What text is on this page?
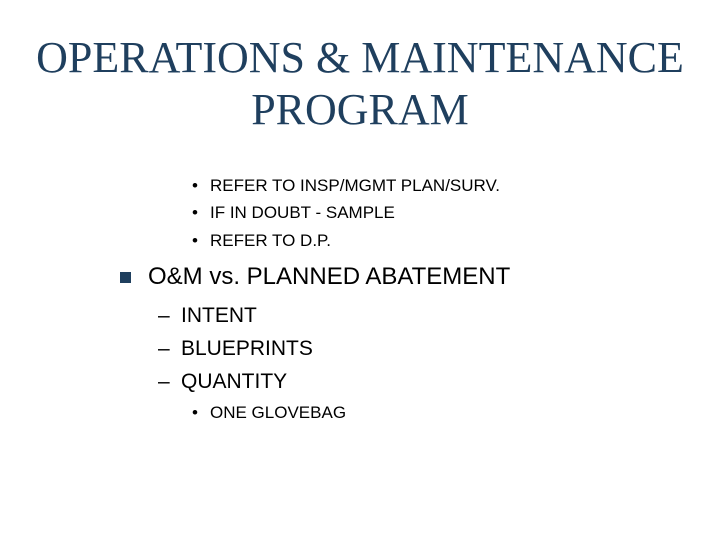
OPERATIONS & MAINTENANCE
PROGRAM
• REFER TO INSP/MGMT PLAN/SURV.
• IF IN DOUBT - SAMPLE
• REFER TO D.P.
O&M vs. PLANNED ABATEMENT
– INTENT
– BLUEPRINTS
– QUANTITY
• ONE GLOVEBAG
